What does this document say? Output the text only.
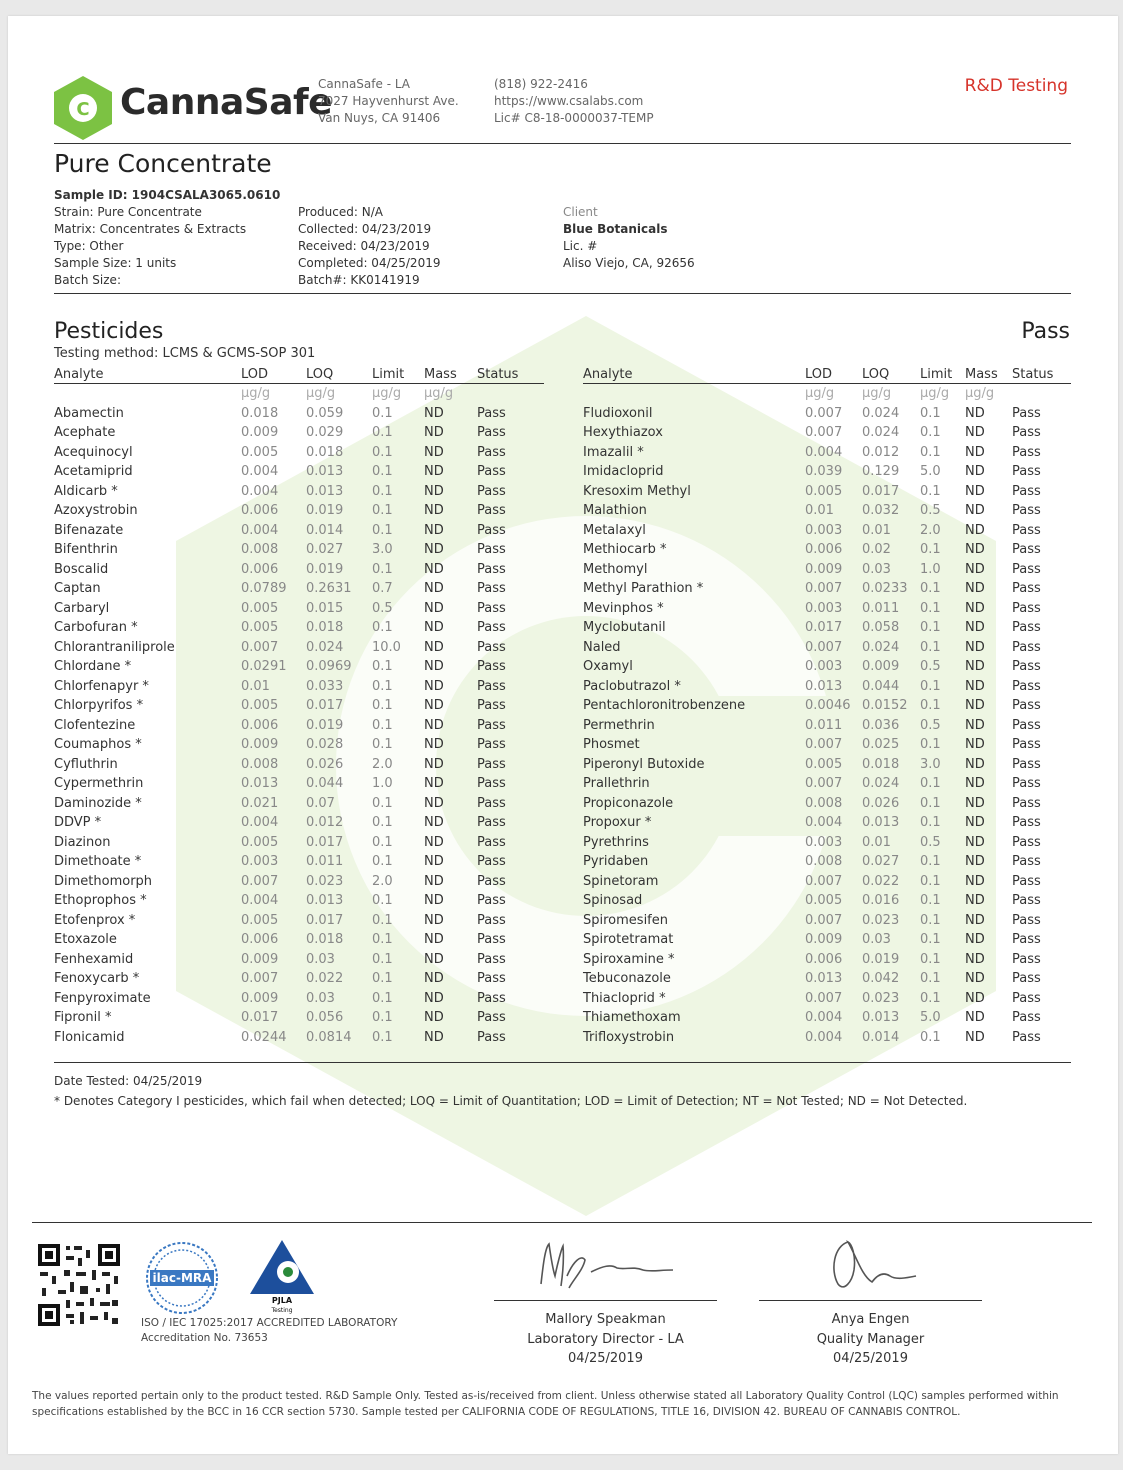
C CannaSafe
CannaSafe - LA
7027 Hayvenhurst Ave.
Van Nuys, CA 91406
(818) 922-2416
https://www.csalabs.com
Lic# C8-18-0000037-TEMP
R&D Testing
Pure Concentrate
Sample ID: 1904CSALA3065.0610
Strain: Pure Concentrate
Matrix: Concentrates & Extracts
Type: Other
Sample Size: 1 units
Batch Size:
Produced: N/A
Collected: 04/23/2019
Received: 04/23/2019
Completed: 04/25/2019
Batch#: KK0141919
Client
Blue Botanicals
Lic. #
Aliso Viejo, CA, 92656
Pesticides	Pass
Testing method: LCMS & GCMS-SOP 301
Analyte	LOD	LOQ	Limit	Mass	Status
	µg/g	µg/g	µg/g	µg/g	
Abamectin	0.018	0.059	0.1	ND	Pass
Acephate	0.009	0.029	0.1	ND	Pass
Acequinocyl	0.005	0.018	0.1	ND	Pass
Acetamiprid	0.004	0.013	0.1	ND	Pass
Aldicarb *	0.004	0.013	0.1	ND	Pass
Azoxystrobin	0.006	0.019	0.1	ND	Pass
Bifenazate	0.004	0.014	0.1	ND	Pass
Bifenthrin	0.008	0.027	3.0	ND	Pass
Boscalid	0.006	0.019	0.1	ND	Pass
Captan	0.0789	0.2631	0.7	ND	Pass
Carbaryl	0.005	0.015	0.5	ND	Pass
Carbofuran *	0.005	0.018	0.1	ND	Pass
Chlorantraniliprole	0.007	0.024	10.0	ND	Pass
Chlordane *	0.0291	0.0969	0.1	ND	Pass
Chlorfenapyr *	0.01	0.033	0.1	ND	Pass
Chlorpyrifos *	0.005	0.017	0.1	ND	Pass
Clofentezine	0.006	0.019	0.1	ND	Pass
Coumaphos *	0.009	0.028	0.1	ND	Pass
Cyfluthrin	0.008	0.026	2.0	ND	Pass
Cypermethrin	0.013	0.044	1.0	ND	Pass
Daminozide *	0.021	0.07	0.1	ND	Pass
DDVP *	0.004	0.012	0.1	ND	Pass
Diazinon	0.005	0.017	0.1	ND	Pass
Dimethoate *	0.003	0.011	0.1	ND	Pass
Dimethomorph	0.007	0.023	2.0	ND	Pass
Ethoprophos *	0.004	0.013	0.1	ND	Pass
Etofenprox *	0.005	0.017	0.1	ND	Pass
Etoxazole	0.006	0.018	0.1	ND	Pass
Fenhexamid	0.009	0.03	0.1	ND	Pass
Fenoxycarb *	0.007	0.022	0.1	ND	Pass
Fenpyroximate	0.009	0.03	0.1	ND	Pass
Fipronil *	0.017	0.056	0.1	ND	Pass
Flonicamid	0.0244	0.0814	0.1	ND	Pass
Analyte	LOD	LOQ	Limit	Mass	Status
	µg/g	µg/g	µg/g	µg/g	
Fludioxonil	0.007	0.024	0.1	ND	Pass
Hexythiazox	0.007	0.024	0.1	ND	Pass
Imazalil *	0.004	0.012	0.1	ND	Pass
Imidacloprid	0.039	0.129	5.0	ND	Pass
Kresoxim Methyl	0.005	0.017	0.1	ND	Pass
Malathion	0.01	0.032	0.5	ND	Pass
Metalaxyl	0.003	0.01	2.0	ND	Pass
Methiocarb *	0.006	0.02	0.1	ND	Pass
Methomyl	0.009	0.03	1.0	ND	Pass
Methyl Parathion *	0.007	0.0233	0.1	ND	Pass
Mevinphos *	0.003	0.011	0.1	ND	Pass
Myclobutanil	0.017	0.058	0.1	ND	Pass
Naled	0.007	0.024	0.1	ND	Pass
Oxamyl	0.003	0.009	0.5	ND	Pass
Paclobutrazol *	0.013	0.044	0.1	ND	Pass
Pentachloronitrobenzene	0.0046	0.0152	0.1	ND	Pass
Permethrin	0.011	0.036	0.5	ND	Pass
Phosmet	0.007	0.025	0.1	ND	Pass
Piperonyl Butoxide	0.005	0.018	3.0	ND	Pass
Prallethrin	0.007	0.024	0.1	ND	Pass
Propiconazole	0.008	0.026	0.1	ND	Pass
Propoxur *	0.004	0.013	0.1	ND	Pass
Pyrethrins	0.003	0.01	0.5	ND	Pass
Pyridaben	0.008	0.027	0.1	ND	Pass
Spinetoram	0.007	0.022	0.1	ND	Pass
Spinosad	0.005	0.016	0.1	ND	Pass
Spiromesifen	0.007	0.023	0.1	ND	Pass
Spirotetramat	0.009	0.03	0.1	ND	Pass
Spiroxamine *	0.006	0.019	0.1	ND	Pass
Tebuconazole	0.013	0.042	0.1	ND	Pass
Thiacloprid *	0.007	0.023	0.1	ND	Pass
Thiamethoxam	0.004	0.013	5.0	ND	Pass
Trifloxystrobin	0.004	0.014	0.1	ND	Pass
Date Tested: 04/25/2019
* Denotes Category I pesticides, which fail when detected; LOQ = Limit of Quantitation; LOD = Limit of Detection; NT = Not Tested; ND = Not Detected.
ilac-MRA
PJLA
Testing
ISO / IEC 17025:2017 ACCREDITED LABORATORY
Accreditation No. 73653
Mallory Speakman
Laboratory Director - LA
04/25/2019
Anya Engen
Quality Manager
04/25/2019
The values reported pertain only to the product tested. R&D Sample Only. Tested as-is/received from client. Unless otherwise stated all Laboratory Quality Control (LQC) samples performed within specifications established by the BCC in 16 CCR section 5730. Sample tested per CALIFORNIA CODE OF REGULATIONS, TITLE 16, DIVISION 42. BUREAU OF CANNABIS CONTROL.
